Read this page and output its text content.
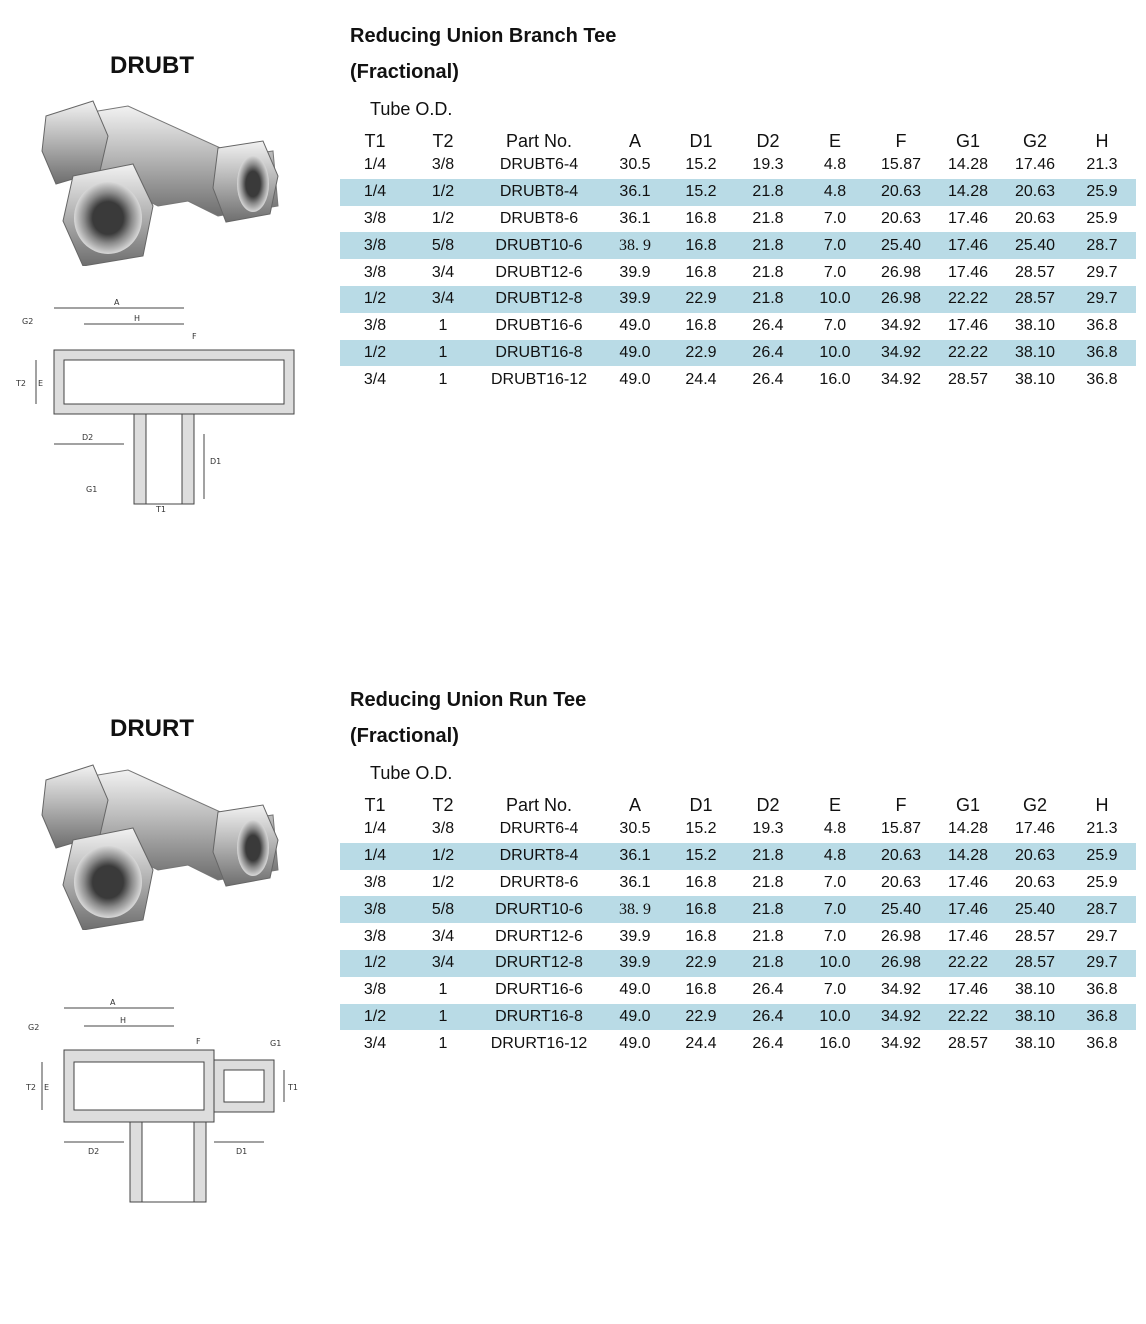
DRUBT
A
H
G2
F
T2 E
D2
D1
G1
T1
Reducing Union Branch Tee
(Fractional)
Tube O.D.
T1	T2	Part No.	A	D1	D2	E	F	G1	G2	H
1/4	3/8	DRUBT6-4	30.5	15.2	19.3	4.8	15.87	14.28	17.46	21.3
1/4	1/2	DRUBT8-4	36.1	15.2	21.8	4.8	20.63	14.28	20.63	25.9
3/8	1/2	DRUBT8-6	36.1	16.8	21.8	7.0	20.63	17.46	20.63	25.9
3/8	5/8	DRUBT10-6	38. 9	16.8	21.8	7.0	25.40	17.46	25.40	28.7
3/8	3/4	DRUBT12-6	39.9	16.8	21.8	7.0	26.98	17.46	28.57	29.7
1/2	3/4	DRUBT12-8	39.9	22.9	21.8	10.0	26.98	22.22	28.57	29.7
3/8	1	DRUBT16-6	49.0	16.8	26.4	7.0	34.92	17.46	38.10	36.8
1/2	1	DRUBT16-8	49.0	22.9	26.4	10.0	34.92	22.22	38.10	36.8
3/4	1	DRUBT16-12	49.0	24.4	26.4	16.0	34.92	28.57	38.10	36.8
DRURT
A
H
G2
F	G1
T2 E	T1
D2	D1
Reducing Union Run Tee
(Fractional)
Tube O.D.
T1	T2	Part No.	A	D1	D2	E	F	G1	G2	H
1/4	3/8	DRURT6-4	30.5	15.2	19.3	4.8	15.87	14.28	17.46	21.3
1/4	1/2	DRURT8-4	36.1	15.2	21.8	4.8	20.63	14.28	20.63	25.9
3/8	1/2	DRURT8-6	36.1	16.8	21.8	7.0	20.63	17.46	20.63	25.9
3/8	5/8	DRURT10-6	38. 9	16.8	21.8	7.0	25.40	17.46	25.40	28.7
3/8	3/4	DRURT12-6	39.9	16.8	21.8	7.0	26.98	17.46	28.57	29.7
1/2	3/4	DRURT12-8	39.9	22.9	21.8	10.0	26.98	22.22	28.57	29.7
3/8	1	DRURT16-6	49.0	16.8	26.4	7.0	34.92	17.46	38.10	36.8
1/2	1	DRURT16-8	49.0	22.9	26.4	10.0	34.92	22.22	38.10	36.8
3/4	1	DRURT16-12	49.0	24.4	26.4	16.0	34.92	28.57	38.10	36.8
